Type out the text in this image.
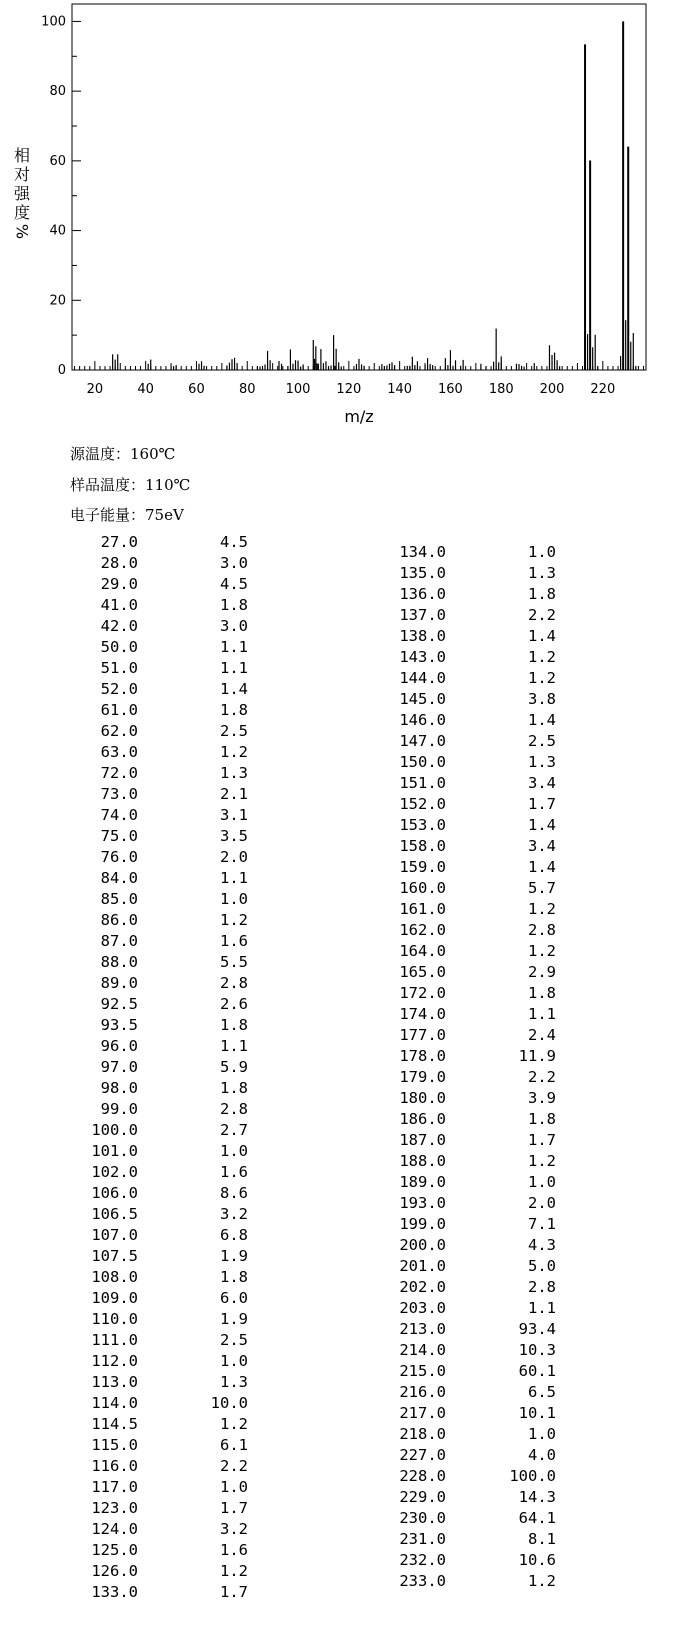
0
20
40
60
80
100
20	40	60	80 100 120 140 160 180 200 220
m/z
相
对
强
度
%
源温度：160℃
样品温度：110℃
电子能量：75eV
27.0	4.5
28.0	3.0
29.0	4.5
41.0	1.8
42.0	3.0
50.0	1.1
51.0	1.1
52.0	1.4
61.0	1.8
62.0	2.5
63.0	1.2
72.0	1.3
73.0	2.1
74.0	3.1
75.0	3.5
76.0	2.0
84.0	1.1
85.0	1.0
86.0	1.2
87.0	1.6
88.0	5.5
89.0	2.8
92.5	2.6
93.5	1.8
96.0	1.1
97.0	5.9
98.0	1.8
99.0	2.8
100.0	2.7
101.0	1.0
102.0	1.6
106.0	8.6
106.5	3.2
107.0	6.8
107.5	1.9
108.0	1.8
109.0	6.0
110.0	1.9
111.0	2.5
112.0	1.0
113.0	1.3
114.0	10.0
114.5	1.2
115.0	6.1
116.0	2.2
117.0	1.0
123.0	1.7
124.0	3.2
125.0	1.6
126.0	1.2
133.0	1.7
134.0	1.0
135.0	1.3
136.0	1.8
137.0	2.2
138.0	1.4
143.0	1.2
144.0	1.2
145.0	3.8
146.0	1.4
147.0	2.5
150.0	1.3
151.0	3.4
152.0	1.7
153.0	1.4
158.0	3.4
159.0	1.4
160.0	5.7
161.0	1.2
162.0	2.8
164.0	1.2
165.0	2.9
172.0	1.8
174.0	1.1
177.0	2.4
178.0	11.9
179.0	2.2
180.0	3.9
186.0	1.8
187.0	1.7
188.0	1.2
189.0	1.0
193.0	2.0
199.0	7.1
200.0	4.3
201.0	5.0
202.0	2.8
203.0	1.1
213.0	93.4
214.0	10.3
215.0	60.1
216.0	6.5
217.0	10.1
218.0	1.0
227.0	4.0
228.0	100.0
229.0	14.3
230.0	64.1
231.0	8.1
232.0	10.6
233.0	1.2
